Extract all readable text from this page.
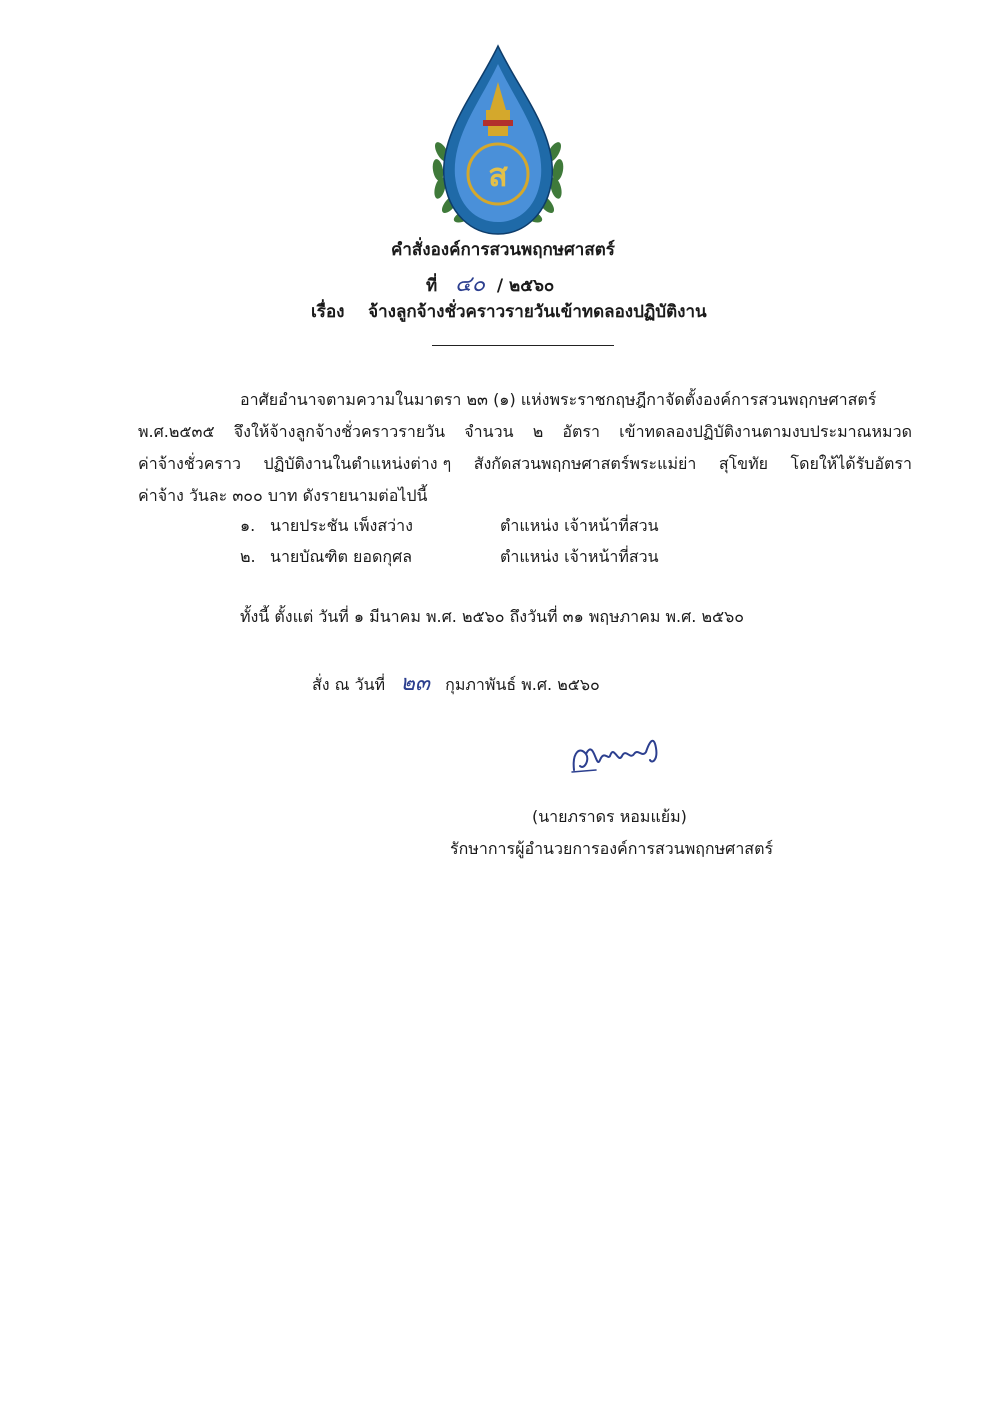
ส
คำสั่งองค์การสวนพฤกษศาสตร์
ที่ ๔๐ / ๒๕๖๐
เรื่อง จ้างลูกจ้างชั่วคราวรายวันเข้าทดลองปฏิบัติงาน
อาศัยอำนาจตามความในมาตรา ๒๓ (๑) แห่งพระราชกฤษฎีกาจัดตั้งองค์การสวนพฤกษศาสตร์
พ.ศ.๒๕๓๕ จึงให้จ้างลูกจ้างชั่วคราวรายวัน จำนวน ๒ อัตรา เข้าทดลองปฏิบัติงานตามงบประมาณหมวด
ค่าจ้างชั่วคราว ปฏิบัติงานในตำแหน่งต่าง ๆ สังกัดสวนพฤกษศาสตร์พระแม่ย่า สุโขทัย โดยให้ได้รับอัตรา
ค่าจ้าง วันละ ๓๐๐ บาท ดังรายนามต่อไปนี้
๑. นายประชัน เพ็งสว่าง	ตำแหน่ง เจ้าหน้าที่สวน
๒. นายบัณฑิต ยอดกุศล	ตำแหน่ง เจ้าหน้าที่สวน
ทั้งนี้ ตั้งแต่ วันที่ ๑ มีนาคม พ.ศ. ๒๕๖๐ ถึงวันที่ ๓๑ พฤษภาคม พ.ศ. ๒๕๖๐
สั่ง ณ วันที่ ๒๓ กุมภาพันธ์ พ.ศ. ๒๕๖๐
(นายภราดร หอมแย้ม)
รักษาการผู้อำนวยการองค์การสวนพฤกษศาสตร์
